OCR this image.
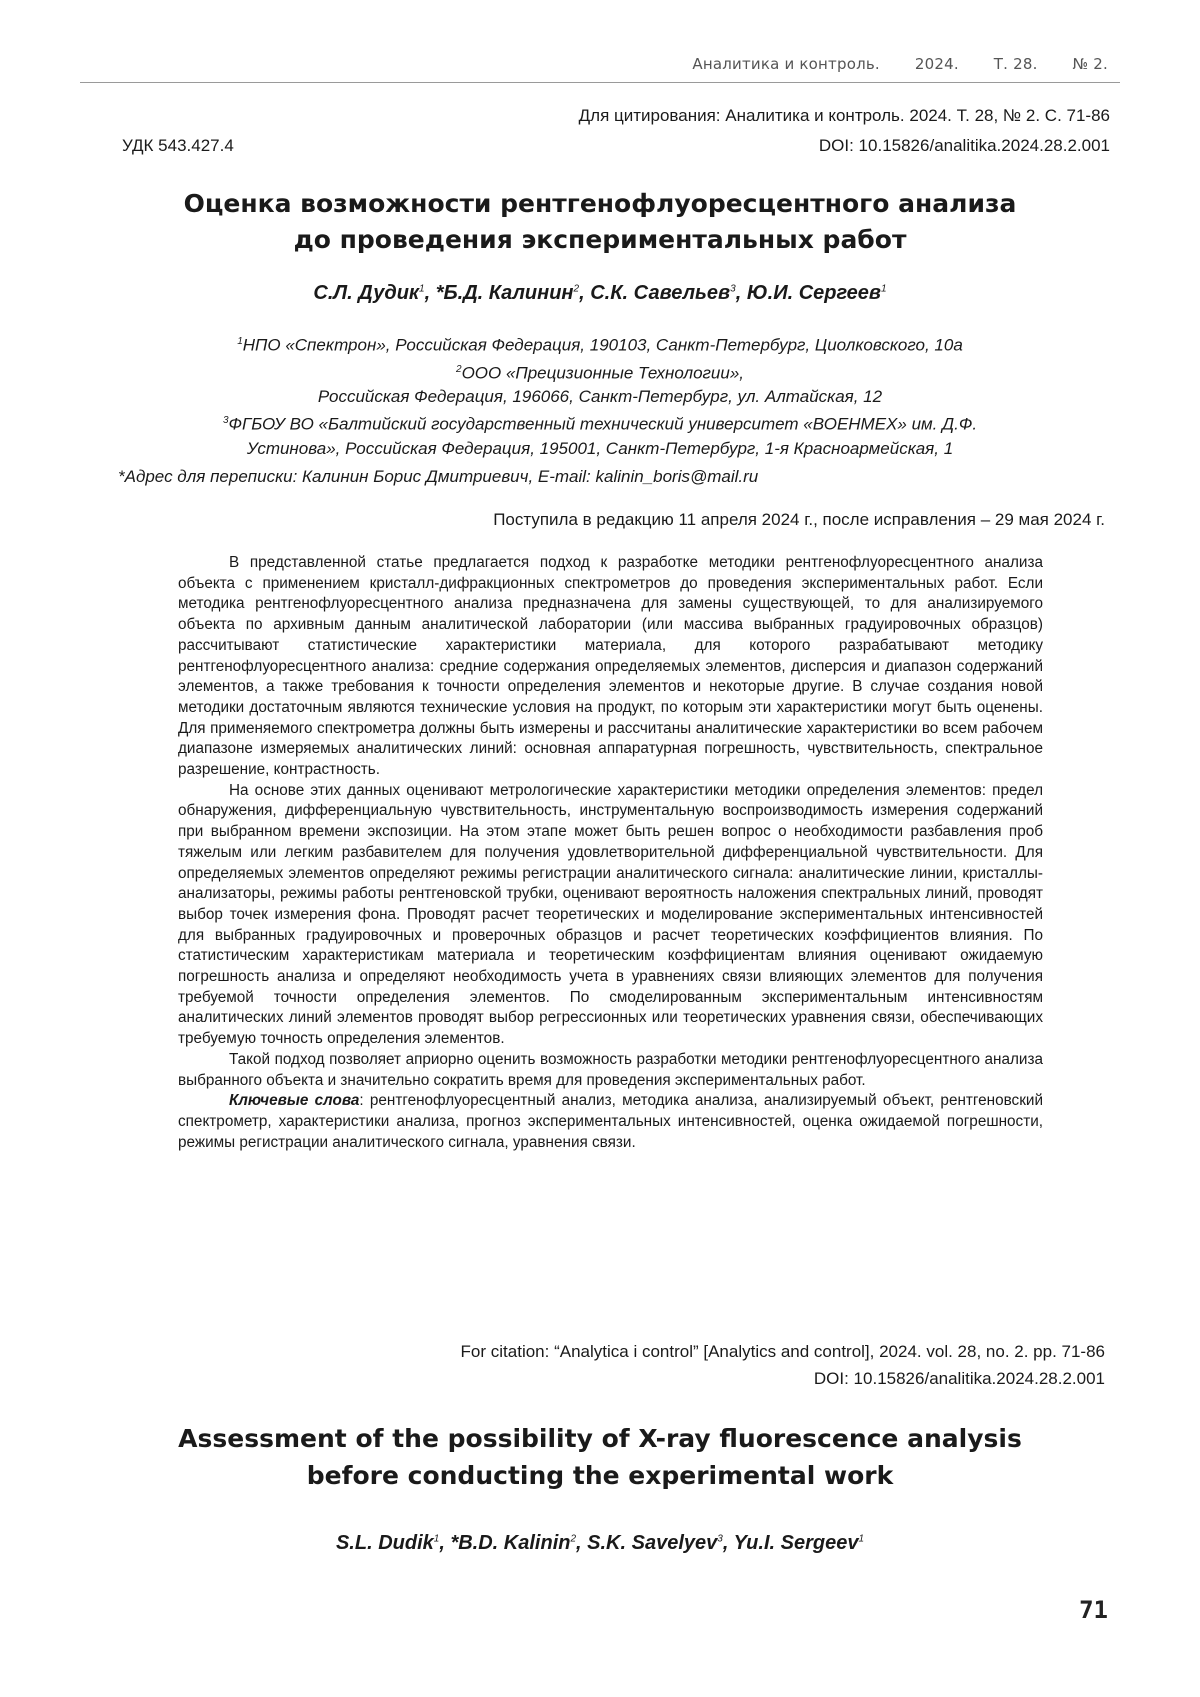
Аналитика и контроль. 2024. Т. 28. № 2.
Для цитирования: Аналитика и контроль. 2024. Т. 28, № 2. С. 71-86
УДК 543.427.4	DOI: 10.15826/analitika.2024.28.2.001
Оценка возможности рентгенофлуоресцентного анализа
до проведения экспериментальных работ
С.Л. Дудик$^1$, *Б.Д. Калинин$^2$, С.К. Савельев$^3$, Ю.И. Сергеев$^1$
$^1$НПО «Спектрон», Российская Федерация, 190103, Санкт-Петербург, Циолковского, 10а
$^2$ООО «Прецизионные Технологии»,
Российская Федерация, 196066, Санкт-Петербург, ул. Алтайская, 12
$^3$ФГБОУ ВО «Балтийский государственный технический университет «ВОЕНМЕХ» им. Д.Ф.
Устинова», Российская Федерация, 195001, Санкт-Петербург, 1-я Красноармейская, 1
*Адрес для переписки: Калинин Борис Дмитриевич, E-mail: kalinin_boris@mail.ru
Поступила в редакцию 11 апреля 2024 г., после исправления – 29 мая 2024 г.

В представленной статье предлагается подход к разработке методики рентгенофлуоресцентного анализа объекта с применением кристалл-дифракционных спектрометров до проведения экспериментальных работ. Если методика рентгенофлуоресцентного анализа предназначена для замены существующей, то для анализируемого объекта по архивным данным аналитической лаборатории (или массива выбранных градуировочных образцов) рассчитывают статистические характеристики материала, для которого разрабатывают методику рентгенофлуоресцентного анализа: средние содержания определяемых элементов, дисперсия и диапазон содержаний элементов, а также требования к точности определения элементов и некоторые другие. В случае создания новой методики достаточным являются технические условия на продукт, по которым эти характеристики могут быть оценены. Для применяемого спектрометра должны быть измерены и рассчитаны аналитические характеристики во всем рабочем диапазоне измеряемых аналитических линий: основная аппаратурная погрешность, чувствительность, спектральное разрешение, контрастность.

На основе этих данных оценивают метрологические характеристики методики определения элементов: предел обнаружения, дифференциальную чувствительность, инструментальную воспроизводимость измерения содержаний при выбранном времени экспозиции. На этом этапе может быть решен вопрос о необходимости разбавления проб тяжелым или легким разбавителем для получения удовлетворительной дифференциальной чувствительности. Для определяемых элементов определяют режимы регистрации аналитического сигнала: аналитические линии, кристаллы-анализаторы, режимы работы рентгеновской трубки, оценивают вероятность наложения спектральных линий, проводят выбор точек измерения фона. Проводят расчет теоретических и моделирование экспериментальных интенсивностей для выбранных градуировочных и проверочных образцов и расчет теоретических коэффициентов влияния. По статистическим характеристикам материала и теоретическим коэффициентам влияния оценивают ожидаемую погрешность анализа и определяют необходимость учета в уравнениях связи влияющих элементов для получения требуемой точности определения элементов. По смоделированным экспериментальным интенсивностям аналитических линий элементов проводят выбор регрессионных или теоретических уравнения связи, обеспечивающих требуемую точность определения элементов.

Такой подход позволяет априорно оценить возможность разработки методики рентгенофлуоресцентного анализа выбранного объекта и значительно сократить время для проведения экспериментальных работ.

Ключевые слова: рентгенофлуоресцентный анализ, методика анализа, анализируемый объект, рентгеновский спектрометр, характеристики анализа, прогноз экспериментальных интенсивностей, оценка ожидаемой погрешности, режимы регистрации аналитического сигнала, уравнения связи.

For citation: “Analytica i control” [Analytics and control], 2024. vol. 28, no. 2. pp. 71-86
DOI: 10.15826/analitika.2024.28.2.001
Assessment of the possibility of X-ray fluorescence analysis
before conducting the experimental work
S.L. Dudik$^1$, *B.D. Kalinin$^2$, S.K. Savelyev$^3$, Yu.I. Sergeev$^1$
71
